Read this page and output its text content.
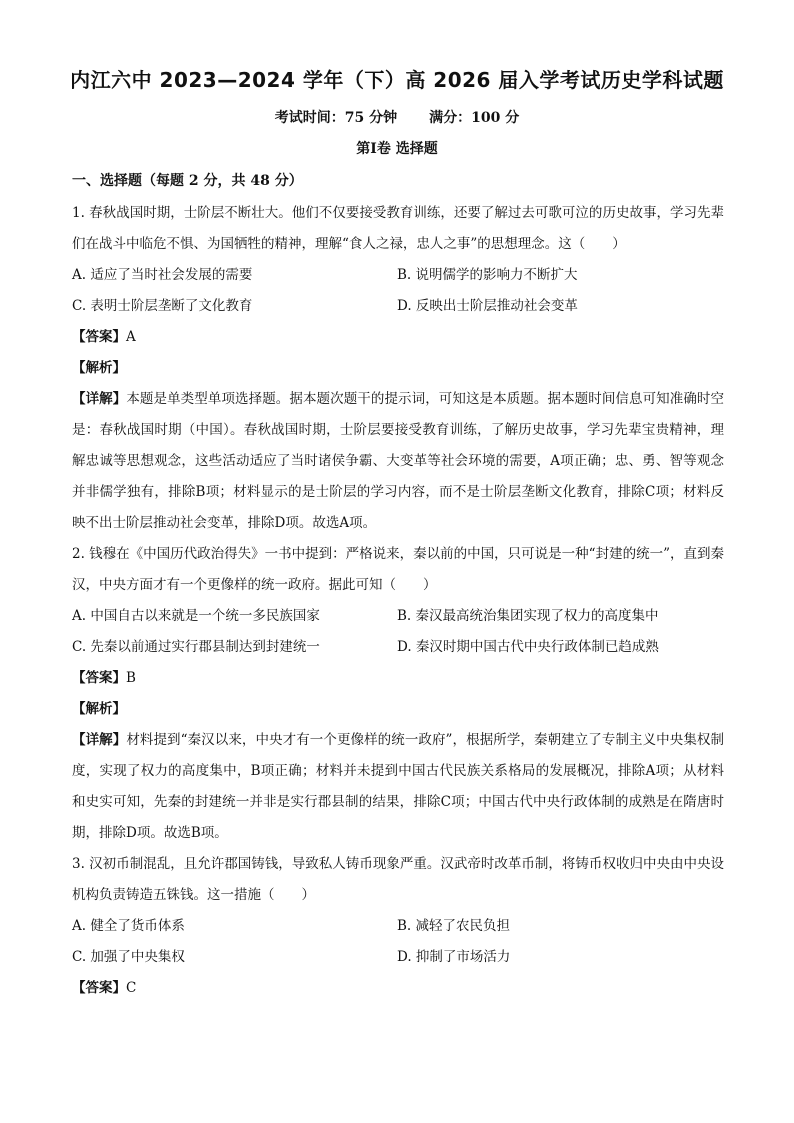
内江六中 2023—2024 学年（下）高 2026 届入学考试历史学科试题
考试时间：75 分钟 满分：100 分
第Ⅰ卷 选择题
一、选择题（每题 2 分，共 48 分）

1. 春秋战国时期，士阶层不断壮大。他们不仅要接受教育训练，还要了解过去可歌可泣的历史故事，学习先辈们在战斗中临危不惧、为国牺牲的精神，理解“食人之禄，忠人之事”的思想理念。这（　　）

A. 适应了当时社会发展的需要	B. 说明儒学的影响力不断扩大
C. 表明士阶层垄断了文化教育	D. 反映出士阶层推动社会变革

【答案】A

【解析】

【详解】本题是单类型单项选择题。据本题次题干的提示词，可知这是本质题。据本题时间信息可知准确时空是：春秋战国时期（中国）。春秋战国时期，士阶层要接受教育训练，了解历史故事，学习先辈宝贵精神，理解忠诚等思想观念，这些活动适应了当时诸侯争霸、大变革等社会环境的需要，A项正确；忠、勇、智等观念并非儒学独有，排除B项；材料显示的是士阶层的学习内容，而不是士阶层垄断文化教育，排除C项；材料反映不出士阶层推动社会变革，排除D项。故选A项。

2. 钱穆在《中国历代政治得失》一书中提到：严格说来，秦以前的中国，只可说是一种“封建的统一”，直到秦汉，中央方面才有一个更像样的统一政府。据此可知（　　）

A. 中国自古以来就是一个统一多民族国家	B. 秦汉最高统治集团实现了权力的高度集中
C. 先秦以前通过实行郡县制达到封建统一	D. 秦汉时期中国古代中央行政体制已趋成熟

【答案】B

【解析】

【详解】材料提到“秦汉以来，中央才有一个更像样的统一政府”，根据所学，秦朝建立了专制主义中央集权制度，实现了权力的高度集中，B项正确；材料并未提到中国古代民族关系格局的发展概况，排除A项；从材料和史实可知，先秦的封建统一并非是实行郡县制的结果，排除C项；中国古代中央行政体制的成熟是在隋唐时期，排除D项。故选B项。

3. 汉初币制混乱，且允许郡国铸钱，导致私人铸币现象严重。汉武帝时改革币制，将铸币权收归中央由中央设机构负责铸造五铢钱。这一措施（　　）

A. 健全了货币体系	B. 减轻了农民负担
C. 加强了中央集权	D. 抑制了市场活力

【答案】C
